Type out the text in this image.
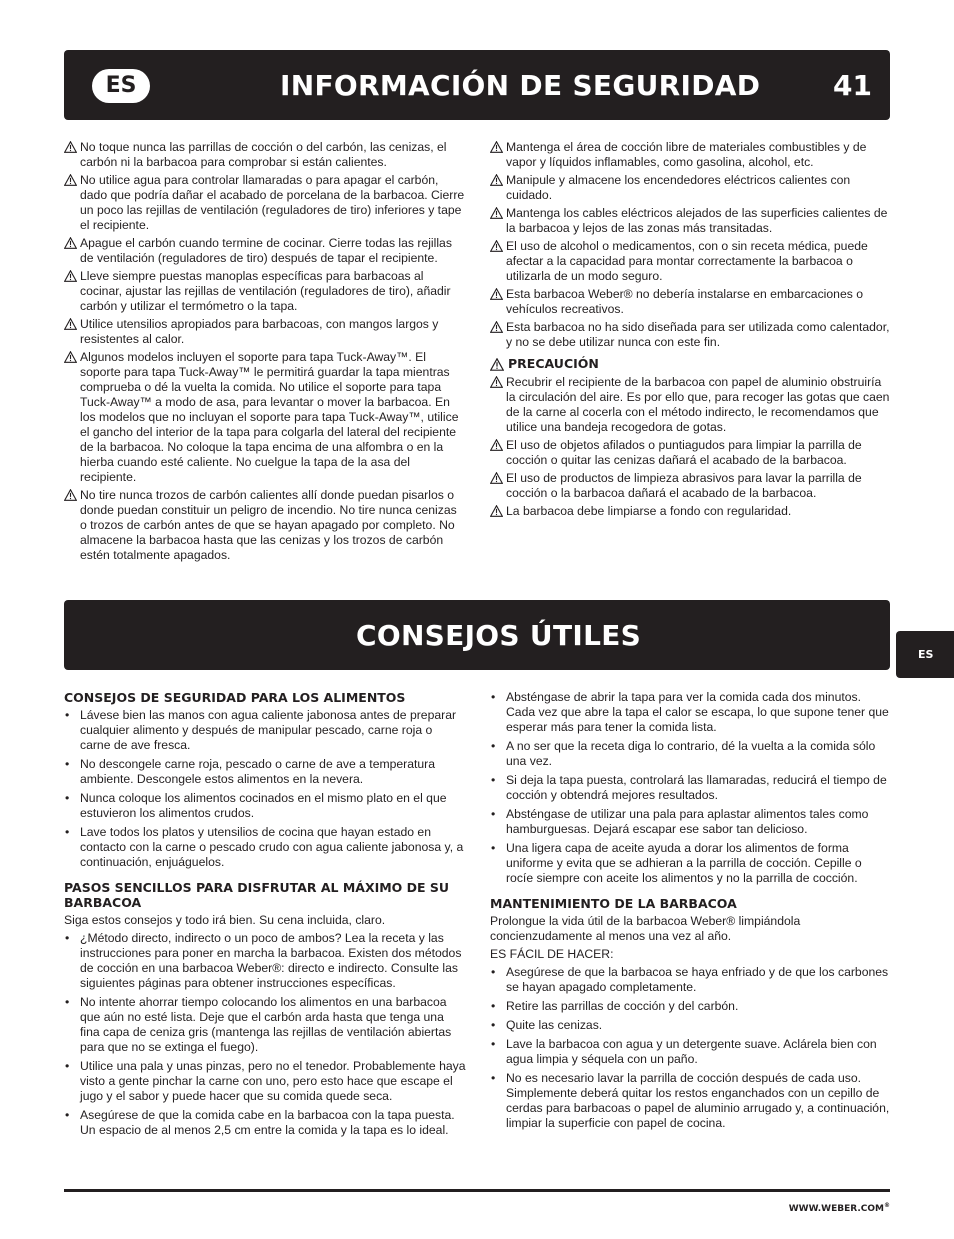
ES	INFORMACIÓN DE SEGURIDAD	41
No toque nunca las parrillas de cocción o del carbón, las cenizas, el carbón ni la barbacoa para comprobar si están calientes.
No utilice agua para controlar llamaradas o para apagar el carbón, dado que podría dañar el acabado de porcelana de la barbacoa. Cierre un poco las rejillas de ventilación (reguladores de tiro) inferiores y tape el recipiente.
Apague el carbón cuando termine de cocinar. Cierre todas las rejillas de ventilación (reguladores de tiro) después de tapar el recipiente.
Lleve siempre puestas manoplas específicas para barbacoas al cocinar, ajustar las rejillas de ventilación (reguladores de tiro), añadir carbón y utilizar el termómetro o la tapa.
Utilice utensilios apropiados para barbacoas, con mangos largos y resistentes al calor.
Algunos modelos incluyen el soporte para tapa Tuck-Away™. El soporte para tapa Tuck-Away™ le permitirá guardar la tapa mientras comprueba o dé la vuelta la comida. No utilice el soporte para tapa Tuck-Away™ a modo de asa, para levantar o mover la barbacoa. En los modelos que no incluyan el soporte para tapa Tuck-Away™, utilice el gancho del interior de la tapa para colgarla del lateral del recipiente de la barbacoa. No coloque la tapa encima de una alfombra o en la hierba cuando esté caliente. No cuelgue la tapa de la asa del recipiente.
No tire nunca trozos de carbón calientes allí donde puedan pisarlos o donde puedan constituir un peligro de incendio. No tire nunca cenizas o trozos de carbón antes de que se hayan apagado por completo. No almacene la barbacoa hasta que las cenizas y los trozos de carbón estén totalmente apagados.
Mantenga el área de cocción libre de materiales combustibles y de vapor y líquidos inflamables, como gasolina, alcohol, etc.
Manipule y almacene los encendedores eléctricos calientes con cuidado.
Mantenga los cables eléctricos alejados de las superficies calientes de la barbacoa y lejos de las zonas más transitadas.
El uso de alcohol o medicamentos, con o sin receta médica, puede afectar a la capacidad para montar correctamente la barbacoa o utilizarla de un modo seguro.
Esta barbacoa Weber® no debería instalarse en embarcaciones o vehículos recreativos.
Esta barbacoa no ha sido diseñada para ser utilizada como calentador, y no se debe utilizar nunca con este fin.
PRECAUCIÓN
Recubrir el recipiente de la barbacoa con papel de aluminio obstruiría la circulación del aire. Es por ello que, para recoger las gotas que caen de la carne al cocerla con el método indirecto, le recomendamos que utilice una bandeja recogedora de gotas.
El uso de objetos afilados o puntiagudos para limpiar la parrilla de cocción o quitar las cenizas dañará el acabado de la barbacoa.
El uso de productos de limpieza abrasivos para lavar la parrilla de cocción o la barbacoa dañará el acabado de la barbacoa.
La barbacoa debe limpiarse a fondo con regularidad.
CONSEJOS ÚTILES
ES
CONSEJOS DE SEGURIDAD PARA LOS ALIMENTOS
• Lávese bien las manos con agua caliente jabonosa antes de preparar cualquier alimento y después de manipular pescado, carne roja o carne de ave fresca.
• No descongele carne roja, pescado o carne de ave a temperatura ambiente. Descongele estos alimentos en la nevera.
• Nunca coloque los alimentos cocinados en el mismo plato en el que estuvieron los alimentos crudos.
• Lave todos los platos y utensilios de cocina que hayan estado en contacto con la carne o pescado crudo con agua caliente jabonosa y, a continuación, enjuáguelos.
PASOS SENCILLOS PARA DISFRUTAR AL MÁXIMO DE SU BARBACOA
Siga estos consejos y todo irá bien. Su cena incluida, claro.
• ¿Método directo, indirecto o un poco de ambos? Lea la receta y las instrucciones para poner en marcha la barbacoa. Existen dos métodos de cocción en una barbacoa Weber®: directo e indirecto. Consulte las siguientes páginas para obtener instrucciones específicas.
• No intente ahorrar tiempo colocando los alimentos en una barbacoa que aún no esté lista. Deje que el carbón arda hasta que tenga una fina capa de ceniza gris (mantenga las rejillas de ventilación abiertas para que no se extinga el fuego).
• Utilice una pala y unas pinzas, pero no el tenedor. Probablemente haya visto a gente pinchar la carne con uno, pero esto hace que escape el jugo y el sabor y puede hacer que su comida quede seca.
• Asegúrese de que la comida cabe en la barbacoa con la tapa puesta. Un espacio de al menos 2,5 cm entre la comida y la tapa es lo ideal.
• Absténgase de abrir la tapa para ver la comida cada dos minutos. Cada vez que abre la tapa el calor se escapa, lo que supone tener que esperar más para tener la comida lista.
• A no ser que la receta diga lo contrario, dé la vuelta a la comida sólo una vez.
• Si deja la tapa puesta, controlará las llamaradas, reducirá el tiempo de cocción y obtendrá mejores resultados.
• Absténgase de utilizar una pala para aplastar alimentos tales como hamburguesas. Dejará escapar ese sabor tan delicioso.
• Una ligera capa de aceite ayuda a dorar los alimentos de forma uniforme y evita que se adhieran a la parrilla de cocción. Cepille o rocíe siempre con aceite los alimentos y no la parrilla de cocción.
MANTENIMIENTO DE LA BARBACOA
Prolongue la vida útil de la barbacoa Weber® limpiándola concienzudamente al menos una vez al año.
ES FÁCIL DE HACER:
• Asegúrese de que la barbacoa se haya enfriado y de que los carbones se hayan apagado completamente.
• Retire las parrillas de cocción y del carbón.
• Quite las cenizas.
• Lave la barbacoa con agua y un detergente suave. Aclárela bien con agua limpia y séquela con un paño.
• No es necesario lavar la parrilla de cocción después de cada uso. Simplemente deberá quitar los restos enganchados con un cepillo de cerdas para barbacoas o papel de aluminio arrugado y, a continuación, limpiar la superficie con papel de cocina.
WWW.WEBER.COM®
